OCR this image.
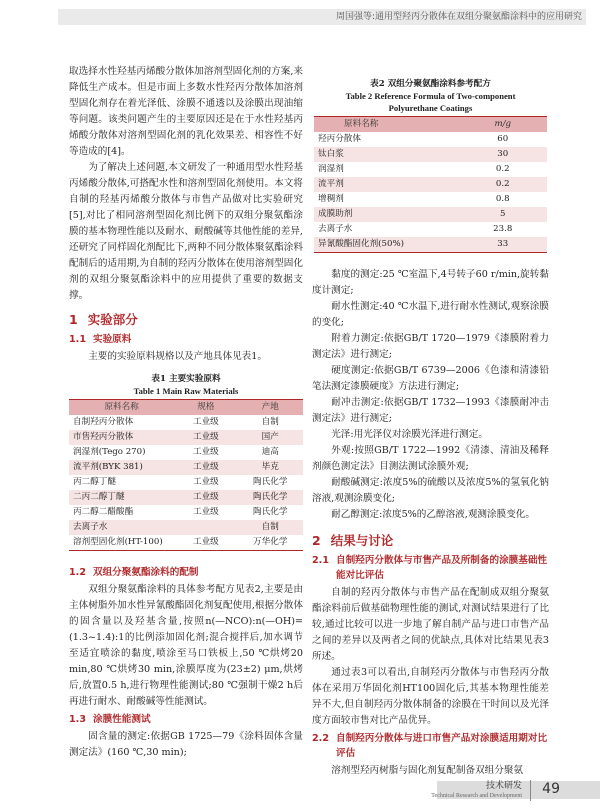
周国强等:通用型羟丙分散体在双组分聚氨酯涂料中的应用研究

取选择水性羟基丙烯酸分散体加溶剂型固化剂的方案,来降低生产成本。但是市面上多数水性羟丙分散体加溶剂型固化剂存在着光泽低、涂膜不通透以及涂膜出现油缩等问题。该类问题产生的主要原因还是在于水性羟基丙烯酸分散体对溶剂型固化剂的乳化效果差、相容性不好等造成的[4]。

为了解决上述问题,本文研发了一种通用型水性羟基丙烯酸分散体,可搭配水性和溶剂型固化剂使用。本文将自制的羟基丙烯酸分散体与市售产品做对比实验研究[5],对比了相同溶剂型固化剂比例下的双组分聚氨酯涂膜的基本物理性能以及耐水、耐酸碱等其他性能的差异,还研究了同样固化剂配比下,两种不同分散体聚氨酯涂料配制后的适用期,为自制的羟丙分散体在使用溶剂型固化剂的双组分聚氨酯涂料中的应用提供了重要的数据支撑。

1 实验部分
1.1 实验原料

主要的实验原料规格以及产地具体见表1。

表1 主要实验原料
Table 1 Main Raw Materials
原料名称	规格	产地
自制羟丙分散体	工业级	自制
市售羟丙分散体	工业级	国产
润湿剂(Tego 270)	工业级	迪高
流平剂(BYK 381)	工业级	毕克
丙二醇丁醚	工业级	陶氏化学
二丙二醇丁醚	工业级	陶氏化学
丙二醇二醋酸酯	工业级	陶氏化学
去离子水		自制
溶剂型固化剂(HT-100)	工业级	万华化学
1.2 双组分聚氨酯涂料的配制

双组分聚氨酯涂料的具体参考配方见表2,主要是由主体树脂外加水性异氰酸酯固化剂复配使用,根据分散体的固含量以及羟基含量,按照n(—NCO):n(—OH)=(1.3~1.4):1的比例添加固化剂;混合搅拌后,加水调节至适宜喷涂的黏度,喷涂至马口铁板上,50 ℃烘烤20 min,80 ℃烘烤30 min,涂膜厚度为(23±2) μm,烘烤后,放置0.5 h,进行物理性能测试;80 ℃强制干燥2 h后再进行耐水、耐酸碱等性能测试。

1.3 涂膜性能测试

固含量的测定:依据GB 1725—79《涂料固体含量测定法》(160 ℃,30 min);

表2 双组分聚氨酯涂料参考配方
Table 2 Reference Formula of Two-component
Polyurethane Coatings
原料名称	m/g
羟丙分散体	60
钛白浆	30
润湿剂	0.2
流平剂	0.2
增稠剂	0.8
成膜助剂	5
去离子水	23.8
异氰酸酯固化剂(50%)	33

黏度的测定:25 ℃室温下,4号转子60 r/min,旋转黏度计测定;

耐水性测定:40 ℃水温下,进行耐水性测试,观察涂膜的变化;

附着力测定:依据GB/T 1720—1979《漆膜附着力测定法》进行测定;

硬度测定:依据GB/T 6739—2006《色漆和清漆铅笔法测定漆膜硬度》方法进行测定;

耐冲击测定:依据GB/T 1732—1993《漆膜耐冲击测定法》进行测定;

光泽:用光泽仪对涂膜光泽进行测定。

外观:按照GB/T 1722—1992《清漆、清油及稀释剂颜色测定法》目测法测试涂膜外观;

耐酸碱测定:浓度5%的硫酸以及浓度5%的氢氧化钠溶液,观测涂膜变化;

耐乙醇测定:浓度5%的乙醇溶液,观测涂膜变化。

2 结果与讨论
2.1 自制羟丙分散体与市售产品及所制备的涂膜基础性能对比评估

自制的羟丙分散体与市售产品在配制成双组分聚氨酯涂料前后做基础物理性能的测试,对测试结果进行了比较,通过比较可以进一步地了解自制产品与进口市售产品之间的差异以及两者之间的优缺点,具体对比结果见表3所述。

通过表3可以看出,自制羟丙分散体与市售羟丙分散体在采用万华固化剂HT100固化后,其基本物理性能差异不大,但自制羟丙分散体制备的涂膜在干时间以及光泽度方面较市售对比产品优异。

2.2 自制羟丙分散体与进口市售产品对涂膜适用期对比评估

溶剂型羟丙树脂与固化剂复配制备双组分聚氨

技术研发
Technical Research and Development 49
